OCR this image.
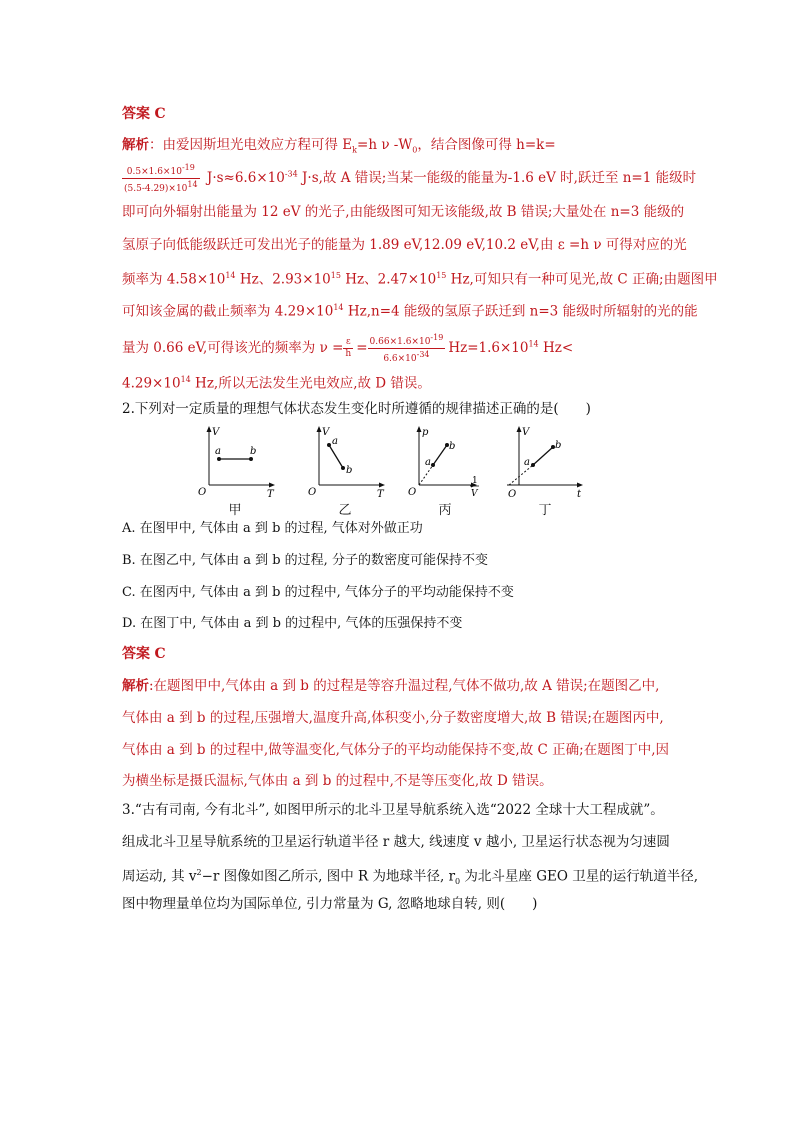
答案 C
解析：由爱因斯坦光电效应方程可得 $E_k=h$ ν $-W_0$，结合图像可得 h=k=
$\frac{0.5\times 1.6\times 10^{-19}}{(5.5-4.29)\times 10^{14}} J\cdot s\approx 6.6\times 10^{-34}$ J·s,故 A 错误;当某一能级的能量为-1.6 eV 时,跃迁至 n=1 能级时
即可向外辐射出能量为 12 eV 的光子,由能级图可知无该能级,故 B 错误;大量处在 n=3 能级的
氢原子向低能级跃迁可发出光子的能量为 1.89 eV,12.09 eV,10.2 eV,由 ε =h ν 可得对应的光
频率为 $4.58\times 10^{14}$ Hz、$2.93\times 10^{15}$ Hz、$2.47\times 10^{15}$ Hz,可知只有一种可见光,故 C 正确;由题图甲
可知该金属的截止频率为 $4.29\times 10^{14}$ Hz,n=4 能级的氢原子跃迁到 n=3 能级时所辐射的光的能
量为 0.66 eV,可得该光的频率为 $\nu = \frac{\varepsilon}{h} = \frac{0.66\times 1.6\times 10^{-19}}{6.6\times 10^{-34}} Hz=1.6\times 10^{14}$ Hz<
$4.29\times 10^{14}$ Hz,所以无法发生光电效应,故 D 错误。
2.下列对一定质量的理想气体状态发生变化时所遵循的规律描述正确的是(　　)
V
T
O
a	b
甲
V
T
O
a
b
乙
p
1
V
O
a
b
丙
V
t
O
a
b
丁
A. 在图甲中, 气体由 a 到 b 的过程, 气体对外做正功
B. 在图乙中, 气体由 a 到 b 的过程, 分子的数密度可能保持不变
C. 在图丙中, 气体由 a 到 b 的过程中, 气体分子的平均动能保持不变
D. 在图丁中, 气体由 a 到 b 的过程中, 气体的压强保持不变
答案 C
解析:在题图甲中,气体由 a 到 b 的过程是等容升温过程,气体不做功,故 A 错误;在题图乙中,
气体由 a 到 b 的过程,压强增大,温度升高,体积变小,分子数密度增大,故 B 错误;在题图丙中,
气体由 a 到 b 的过程中,做等温变化,气体分子的平均动能保持不变,故 C 正确;在题图丁中,因
为横坐标是摄氏温标,气体由 a 到 b 的过程中,不是等压变化,故 D 错误。
3.“古有司南, 今有北斗”, 如图甲所示的北斗卫星导航系统入选“2022 全球十大工程成就”。
组成北斗卫星导航系统的卫星运行轨道半径 r 越大, 线速度 v 越小, 卫星运行状态视为匀速圆
周运动, 其 $v^2-r$ 图像如图乙所示, 图中 R 为地球半径, $r_0$ 为北斗星座 GEO 卫星的运行轨道半径,
图中物理量单位均为国际单位, 引力常量为 G, 忽略地球自转, 则(　　)
